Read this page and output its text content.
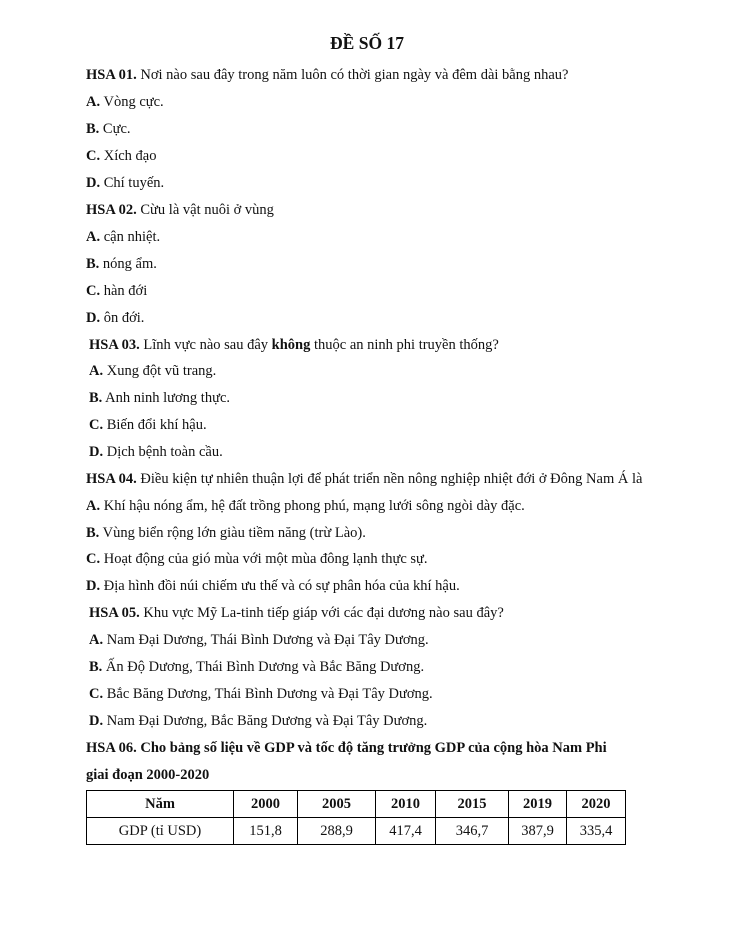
ĐỀ SỐ 17
HSA 01. Nơi nào sau đây trong năm luôn có thời gian ngày và đêm dài bằng nhau?
A. Vòng cực.
B. Cực.
C. Xích đạo
D. Chí tuyến.
HSA 02. Cừu là vật nuôi ở vùng
A. cận nhiệt.
B. nóng ẩm.
C. hàn đới
D. ôn đới.
HSA 03. Lĩnh vực nào sau đây không thuộc an ninh phi truyền thống?
A. Xung đột vũ trang.
B. Anh ninh lương thực.
C. Biến đổi khí hậu.
D. Dịch bệnh toàn cầu.
HSA 04. Điều kiện tự nhiên thuận lợi để phát triển nền nông nghiệp nhiệt đới ở Đông Nam Á là
A. Khí hậu nóng ẩm, hệ đất trồng phong phú, mạng lưới sông ngòi dày đặc.
B. Vùng biển rộng lớn giàu tiềm năng (trừ Lào).
C. Hoạt động của gió mùa với một mùa đông lạnh thực sự.
D. Địa hình đồi núi chiếm ưu thế và có sự phân hóa của khí hậu.
HSA 05. Khu vực Mỹ La-tinh tiếp giáp với các đại dương nào sau đây?
A. Nam Đại Dương, Thái Bình Dương và Đại Tây Dương.
B. Ấn Độ Dương, Thái Bình Dương và Bắc Băng Dương.
C. Bắc Băng Dương, Thái Bình Dương và Đại Tây Dương.
D. Nam Đại Dương, Bắc Băng Dương và Đại Tây Dương.
HSA 06. Cho bảng số liệu về GDP và tốc độ tăng trưởng GDP của cộng hòa Nam Phi
giai đoạn 2000-2020
Năm	2000	2005	2010	2015	2019	2020
GDP (tỉ USD)	151,8	288,9	417,4	346,7	387,9	335,4
